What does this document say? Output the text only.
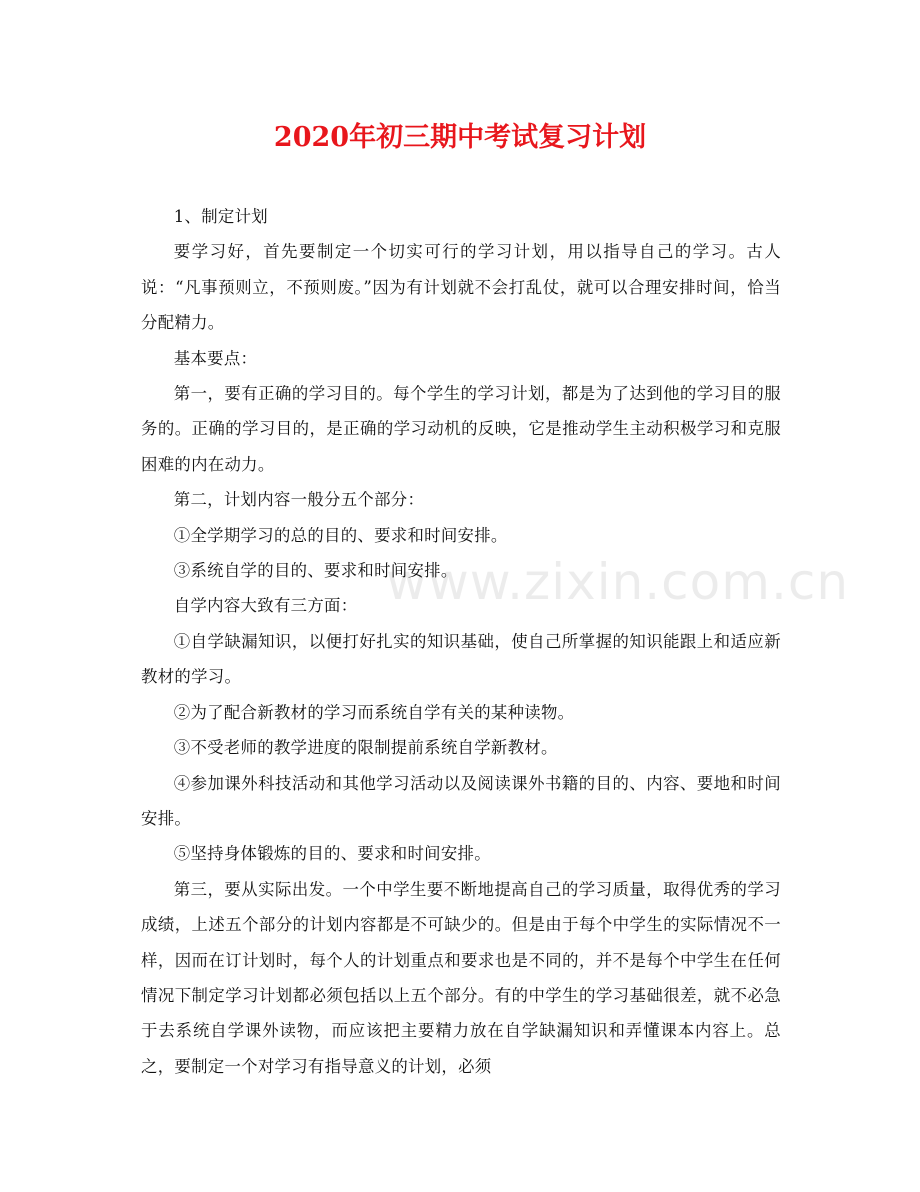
2020年初三期中考试复习计划

1、制定计划

要学习好，首先要制定一个切实可行的学习计划，用以指导自己的学习。古人说：“凡事预则立，不预则废。”因为有计划就不会打乱仗，就可以合理安排时间，恰当分配精力。

基本要点：

第一，要有正确的学习目的。每个学生的学习计划，都是为了达到他的学习目的服务的。正确的学习目的，是正确的学习动机的反映，它是推动学生主动积极学习和克服困难的内在动力。

第二，计划内容一般分五个部分：

①全学期学习的总的目的、要求和时间安排。

③系统自学的目的、要求和时间安排。

自学内容大致有三方面：

①自学缺漏知识，以便打好扎实的知识基础，使自己所掌握的知识能跟上和适应新教材的学习。

②为了配合新教材的学习而系统自学有关的某种读物。

③不受老师的教学进度的限制提前系统自学新教材。

④参加课外科技活动和其他学习活动以及阅读课外书籍的目的、内容、要地和时间安排。

⑤坚持身体锻炼的目的、要求和时间安排。

第三，要从实际出发。一个中学生要不断地提高自己的学习质量，取得优秀的学习成绩，上述五个部分的计划内容都是不可缺少的。但是由于每个中学生的实际情况不一样，因而在订计划时，每个人的计划重点和要求也是不同的，并不是每个中学生在任何情况下制定学习计划都必须包括以上五个部分。有的中学生的学习基础很差，就不必急于去系统自学课外读物，而应该把主要精力放在自学缺漏知识和弄懂课本内容上。总之，要制定一个对学习有指导意义的计划，必须

www.zixin.com.cn
